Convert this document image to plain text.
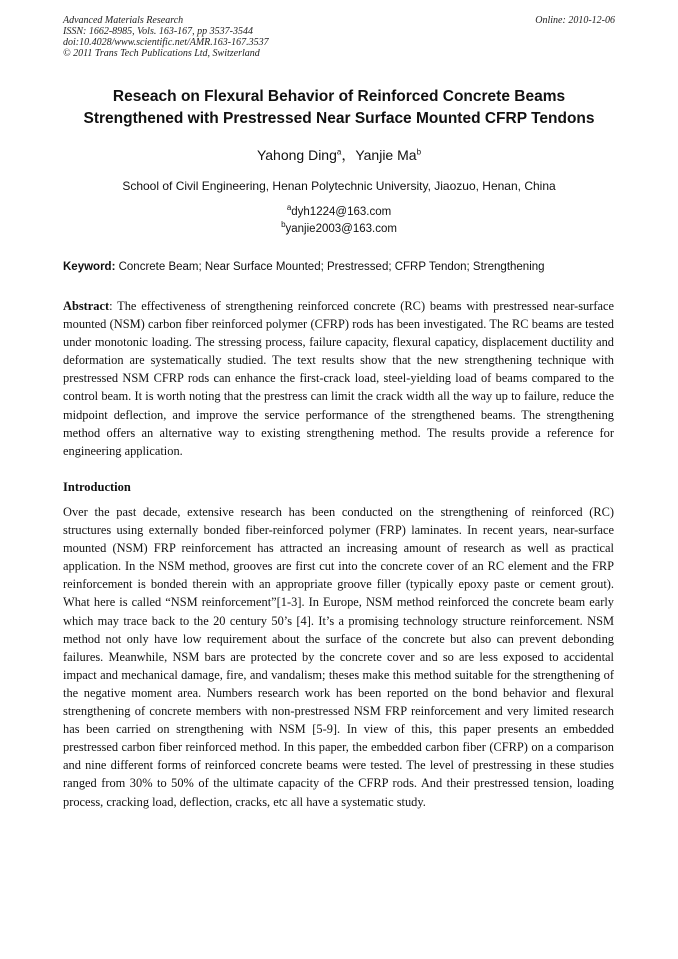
Advanced Materials Research
ISSN: 1662-8985, Vols. 163-167, pp 3537-3544
doi:10.4028/www.scientific.net/AMR.163-167.3537
© 2011 Trans Tech Publications Ltd, Switzerland
Online: 2010-12-06
Reseach on Flexural Behavior of Reinforced Concrete Beams
Strengthened with Prestressed Near Surface Mounted CFRP Tendons
Yahong Ding$^a$，Yanjie Ma$^b$
School of Civil Engineering, Henan Polytechnic University, Jiaozuo, Henan, China
$^a$dyh1224@163.com
$^b$yanjie2003@163.com
Keyword: Concrete Beam; Near Surface Mounted; Prestressed; CFRP Tendon; Strengthening
Abstract: The effectiveness of strengthening reinforced concrete (RC) beams with prestressed near-surface mounted (NSM) carbon fiber reinforced polymer (CFRP) rods has been investigated. The RC beams are tested under monotonic loading. The stressing process, failure capacity, flexural capaticy, displacement ductility and deformation are systematically studied. The text results show that the new strengthening technique with prestressed NSM CFRP rods can enhance the first-crack load, steel-yielding load of beams compared to the control beam. It is worth noting that the prestress can limit the crack width all the way up to failure, reduce the midpoint deflection, and improve the service performance of the strengthened beams. The strengthening method offers an alternative way to existing strengthening method. The results provide a reference for engineering application.
Introduction
Over the past decade, extensive research has been conducted on the strengthening of reinforced (RC) structures using externally bonded fiber-reinforced polymer (FRP) laminates. In recent years, near-surface mounted (NSM) FRP reinforcement has attracted an increasing amount of research as well as practical application. In the NSM method, grooves are first cut into the concrete cover of an RC element and the FRP reinforcement is bonded therein with an appropriate groove filler (typically epoxy paste or cement grout). What here is called “NSM reinforcement”[1-3]. In Europe, NSM method reinforced the concrete beam early which may trace back to the 20 century 50’s [4]. It’s a promising technology structure reinforcement. NSM method not only have low requirement about the surface of the concrete but also can prevent debonding failures. Meanwhile, NSM bars are protected by the concrete cover and so are less exposed to accidental impact and mechanical damage, fire, and vandalism; theses make this method suitable for the strengthening of the negative moment area. Numbers research work has been reported on the bond behavior and flexural strengthening of concrete members with non-prestressed NSM FRP reinforcement and very limited research has been carried on strengthening with NSM [5-9]. In view of this, this paper presents an embedded prestressed carbon fiber reinforced method. In this paper, the embedded carbon fiber (CFRP) on a comparison and nine different forms of reinforced concrete beams were tested. The level of prestressing in these studies ranged from 30% to 50% of the ultimate capacity of the CFRP rods. And their prestressed tension, loading process, cracking load, deflection, cracks, etc all have a systematic study.
